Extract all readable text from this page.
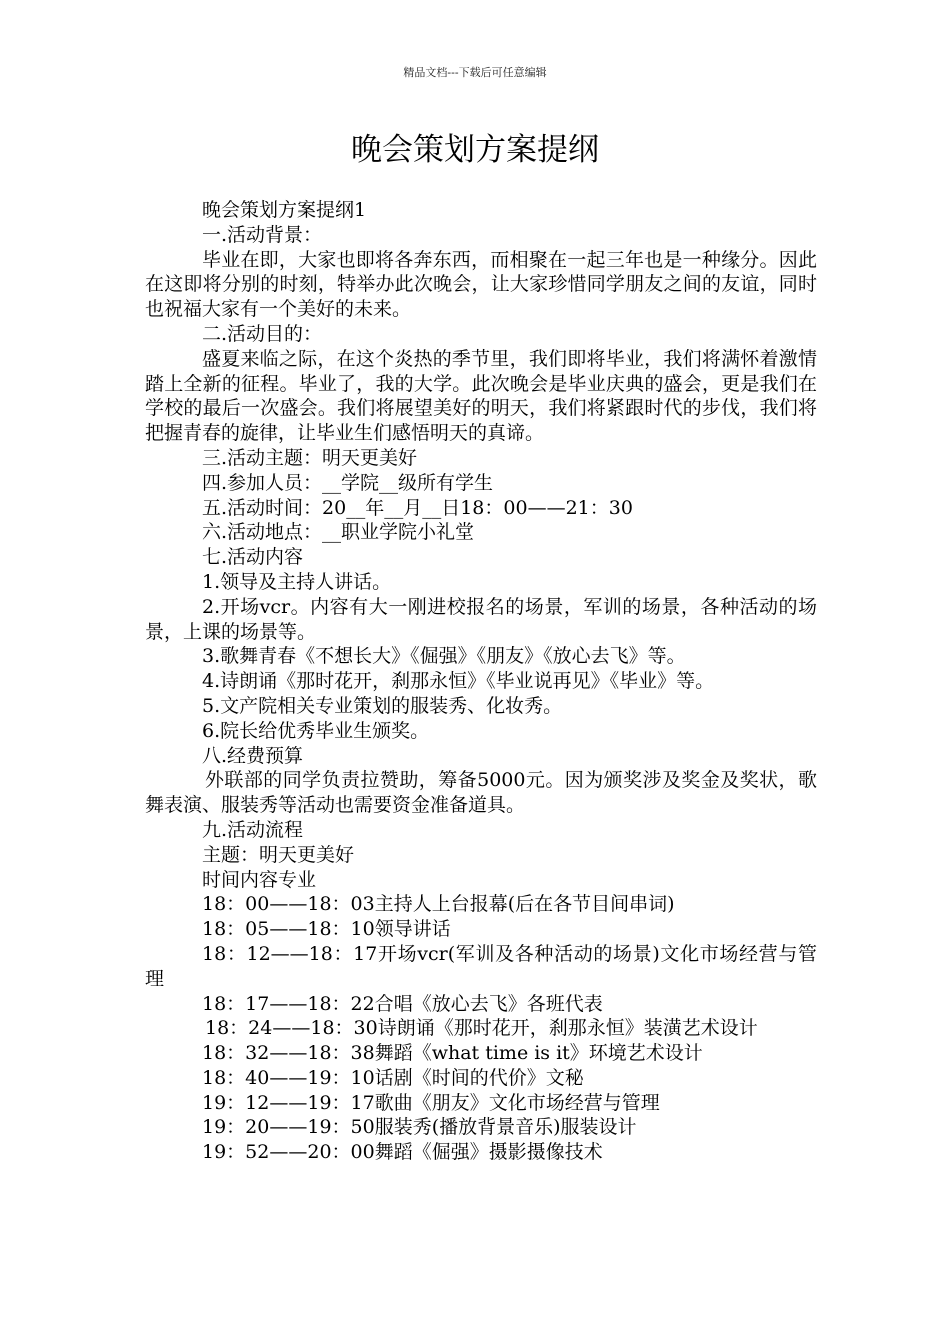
精品文档---下载后可任意编辑
晚会策划方案提纲

晚会策划方案提纲1

一.活动背景：

毕业在即，大家也即将各奔东西，而相聚在一起三年也是一种缘分。因此在这即将分别的时刻，特举办此次晚会，让大家珍惜同学朋友之间的友谊，同时也祝福大家有一个美好的未来。

二.活动目的：

盛夏来临之际，在这个炎热的季节里，我们即将毕业，我们将满怀着激情踏上全新的征程。毕业了，我的大学。此次晚会是毕业庆典的盛会，更是我们在学校的最后一次盛会。我们将展望美好的明天，我们将紧跟时代的步伐，我们将把握青春的旋律，让毕业生们感悟明天的真谛。

三.活动主题：明天更美好

四.参加人员：__学院__级所有学生

五.活动时间：20__年__月__日18：00——21：30

六.活动地点：__职业学院小礼堂

七.活动内容

1.领导及主持人讲话。

2.开场vcr。内容有大一刚进校报名的场景，军训的场景，各种活动的场景，上课的场景等。

3.歌舞青春《不想长大》《倔强》《朋友》《放心去飞》等。

4.诗朗诵《那时花开，刹那永恒》《毕业说再见》《毕业》等。

5.文产院相关专业策划的服装秀、化妆秀。

6.院长给优秀毕业生颁奖。

八.经费预算

外联部的同学负责拉赞助，筹备5000元。因为颁奖涉及奖金及奖状，歌舞表演、服装秀等活动也需要资金准备道具。

九.活动流程

主题：明天更美好

时间内容专业

18：00——18：03主持人上台报幕(后在各节目间串词)

18：05——18：10领导讲话

18：12——18：17开场vcr(军训及各种活动的场景)文化市场经营与管理

18：17——18：22合唱《放心去飞》各班代表

18：24——18：30诗朗诵《那时花开，刹那永恒》装潢艺术设计

18：32——18：38舞蹈《what time is it》环境艺术设计

18：40——19：10话剧《时间的代价》文秘

19：12——19：17歌曲《朋友》文化市场经营与管理

19：20——19：50服装秀(播放背景音乐)服装设计

19：52——20：00舞蹈《倔强》摄影摄像技术
